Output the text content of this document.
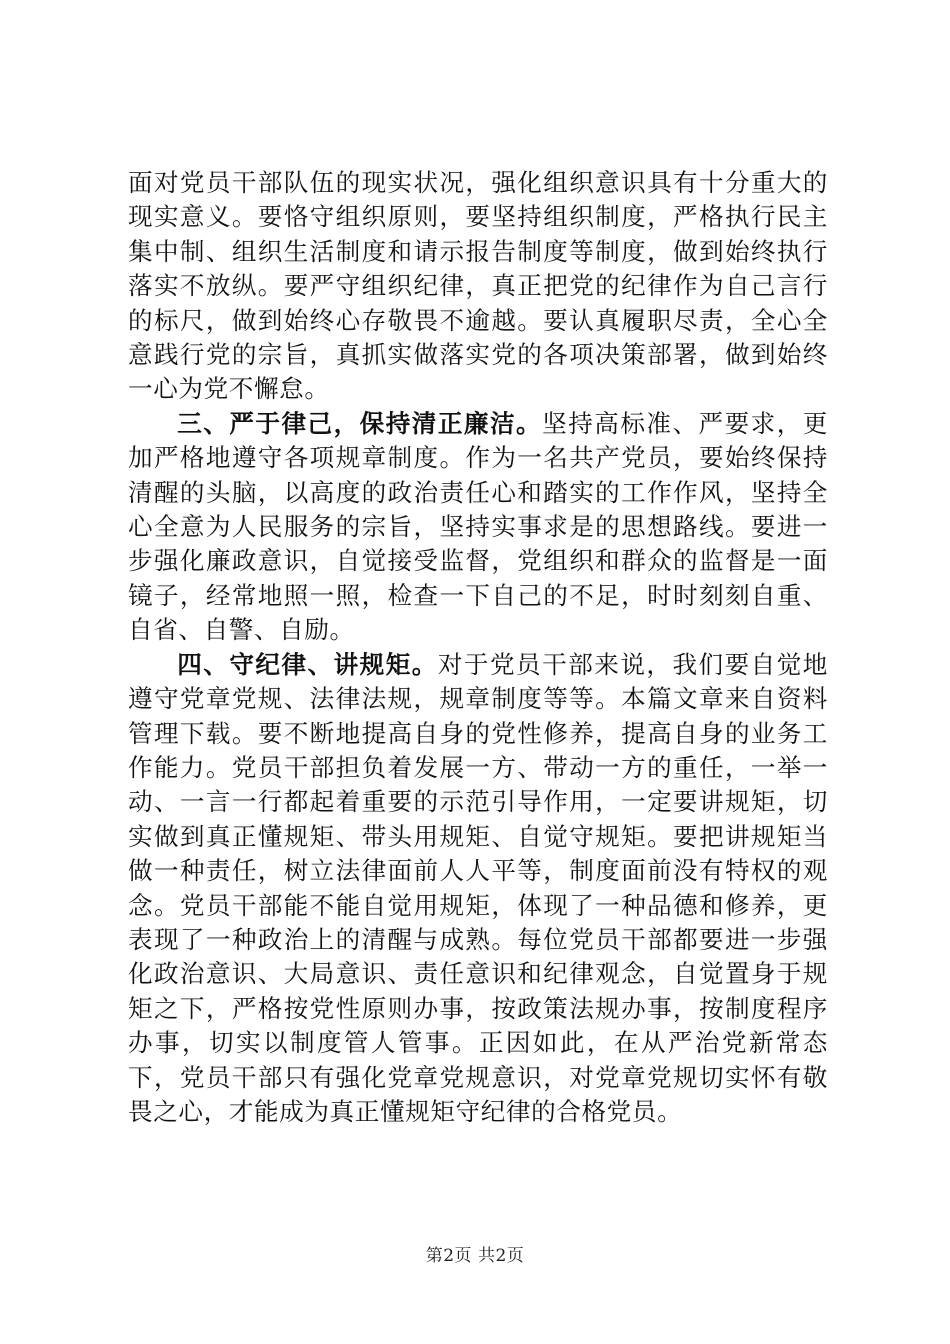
面对党员干部队伍的现实状况，强化组织意识具有十分重大的现实意义。要恪守组织原则，要坚持组织制度，严格执行民主集中制、组织生活制度和请示报告制度等制度，做到始终执行落实不放纵。要严守组织纪律，真正把党的纪律作为自己言行的标尺，做到始终心存敬畏不逾越。要认真履职尽责，全心全意践行党的宗旨，真抓实做落实党的各项决策部署，做到始终一心为党不懈怠。

三、严于律己，保持清正廉洁。坚持高标准、严要求，更加严格地遵守各项规章制度。作为一名共产党员，要始终保持清醒的头脑，以高度的政治责任心和踏实的工作作风，坚持全心全意为人民服务的宗旨，坚持实事求是的思想路线。要进一步强化廉政意识，自觉接受监督，党组织和群众的监督是一面镜子，经常地照一照，检查一下自己的不足，时时刻刻自重、自省、自警、自励。

四、守纪律、讲规矩。对于党员干部来说，我们要自觉地遵守党章党规、法律法规，规章制度等等。本篇文章来自资料管理下载。要不断地提高自身的党性修养，提高自身的业务工作能力。党员干部担负着发展一方、带动一方的重任，一举一动、一言一行都起着重要的示范引导作用，一定要讲规矩，切实做到真正懂规矩、带头用规矩、自觉守规矩。要把讲规矩当做一种责任，树立法律面前人人平等，制度面前没有特权的观念。党员干部能不能自觉用规矩，体现了一种品德和修养，更表现了一种政治上的清醒与成熟。每位党员干部都要进一步强化政治意识、大局意识、责任意识和纪律观念，自觉置身于规矩之下，严格按党性原则办事，按政策法规办事，按制度程序办事，切实以制度管人管事。正因如此，在从严治党新常态下，党员干部只有强化党章党规意识，对党章党规切实怀有敬畏之心，才能成为真正懂规矩守纪律的合格党员。

第2页 共2页
